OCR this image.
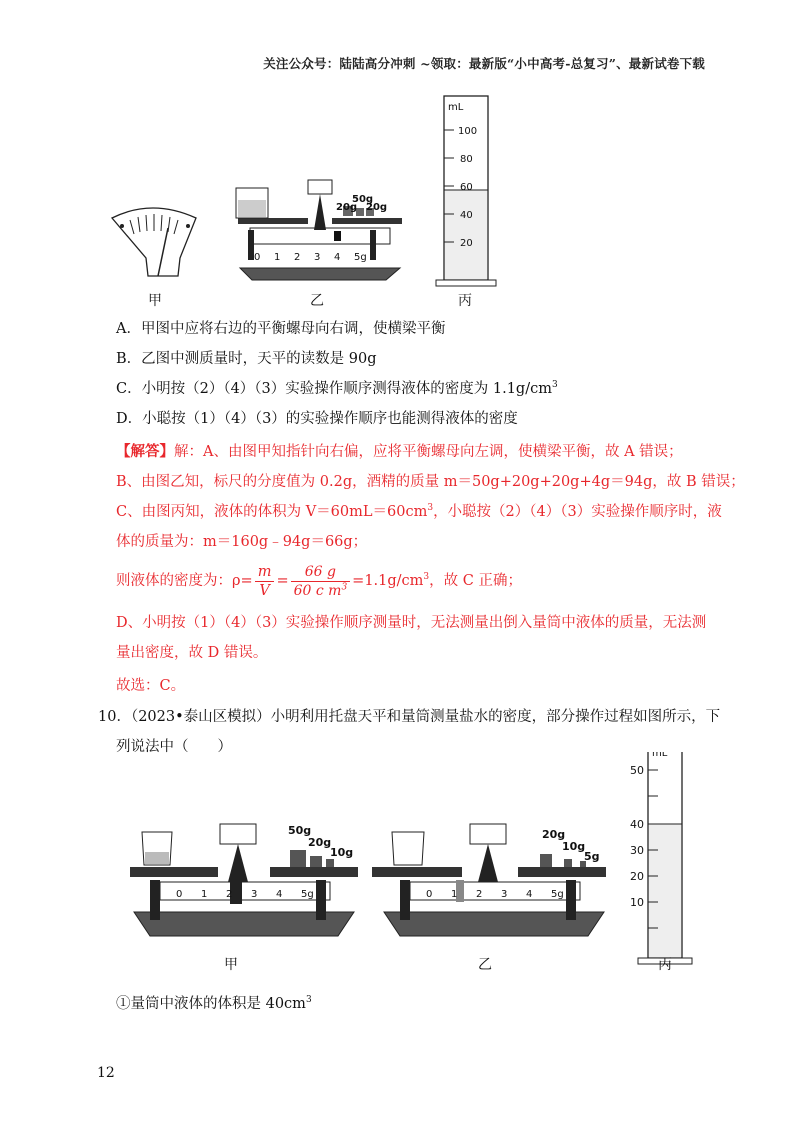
关注公众号：陆陆高分冲刺 ~领取：最新版“小中高考-总复习”、最新试卷下载
0 1 2 3 4 5g
50g
20g 20g
mL
100
80
60
40
20
甲	乙	丙
A．甲图中应将右边的平衡螺母向右调，使横梁平衡
B．乙图中测质量时，天平的读数是 90g
C．小明按（2）（4）（3）实验操作顺序测得液体的密度为 $1.1g/cm^3$
D．小聪按（1）（4）（3）的实验操作顺序也能测得液体的密度
【解答】解：A、由图甲知指针向右偏，应将平衡螺母向左调，使横梁平衡，故 A 错误；
B、由图乙知，标尺的分度值为 0.2g，酒精的质量 m＝50g+20g+20g+4g＝94g，故 B 错误；
C、由图丙知，液体的体积为 $V=60mL=60cm^3$，小聪按（2）（4）（3）实验操作顺序时，液
体的质量为：m＝160g﹣94g＝66g；
则液体的密度为：$\rho= \frac{m}{V} = \frac{66 g}{60 c m^3} =1.1g/cm^3$，故 C 正确；
D、小明按（1）（4）（3）实验操作顺序测量时，无法测量出倒入量筒中液体的质量，无法测
量出密度，故 D 错误。
故选：C。
10．（2023•泰山区模拟）小明利用托盘天平和量筒测量盐水的密度，部分操作过程如图所示，下
列说法中（　　）
0 1 2 3 4 5g
50g
20g
10g
0 1 2 3 4 5g
20g
10g
5g
mL
50
40
30
20
10
甲	乙	丙
①量筒中液体的体积是 $40cm^3$
12
